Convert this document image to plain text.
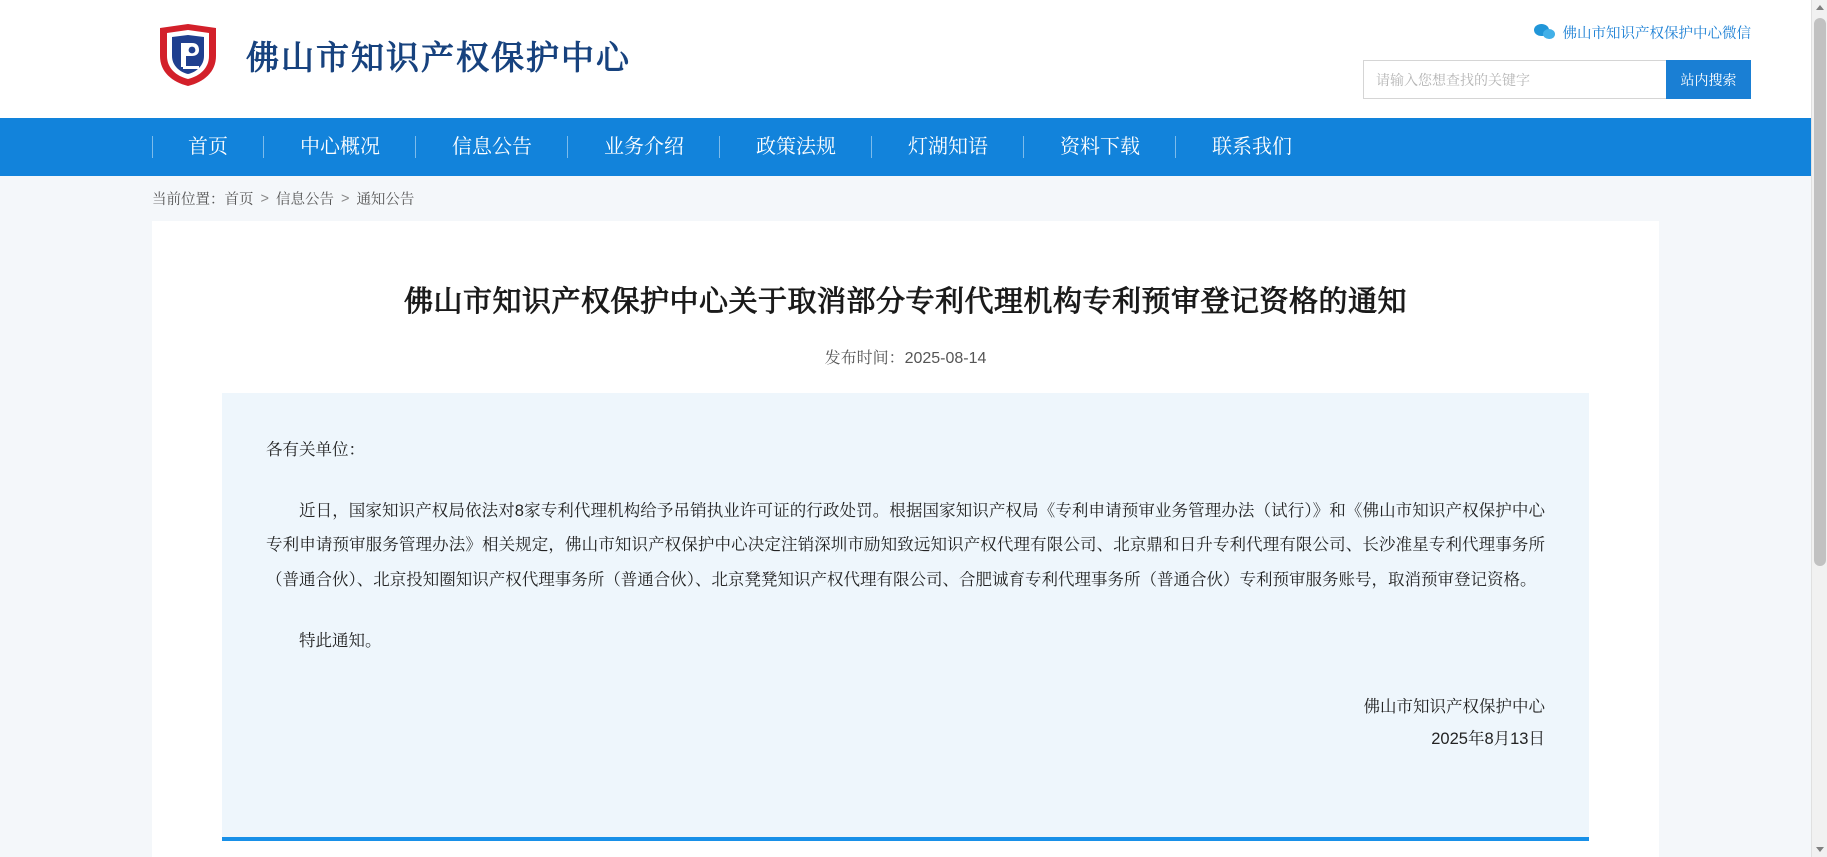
佛山市知识产权保护中心
佛山市知识产权保护中心微信
请输入您想查找的关键字
站内搜索
首页	中心概况	信息公告	业务介绍	政策法规	灯湖知语	资料下载	联系我们
当前位置： 首页 > 信息公告 > 通知公告
佛山市知识产权保护中心关于取消部分专利代理机构专利预审登记资格的通知
发布时间：2025-08-14

各有关单位：

近日，国家知识产权局依法对8家专利代理机构给予吊销执业许可证的行政处罚。根据国家知识产权局《专利申请预审业务管理办法（试行）》和《佛山市知识产权保护中心专利申请预审服务管理办法》相关规定，佛山市知识产权保护中心决定注销深圳市励知致远知识产权代理有限公司、北京鼎和日升专利代理有限公司、长沙准星专利代理事务所（普通合伙）、北京投知圈知识产权代理事务所（普通合伙）、北京凳凳知识产权代理有限公司、合肥诚育专利代理事务所（普通合伙）专利预审服务账号，取消预审登记资格。

特此通知。

佛山市知识产权保护中心
2025年8月13日
